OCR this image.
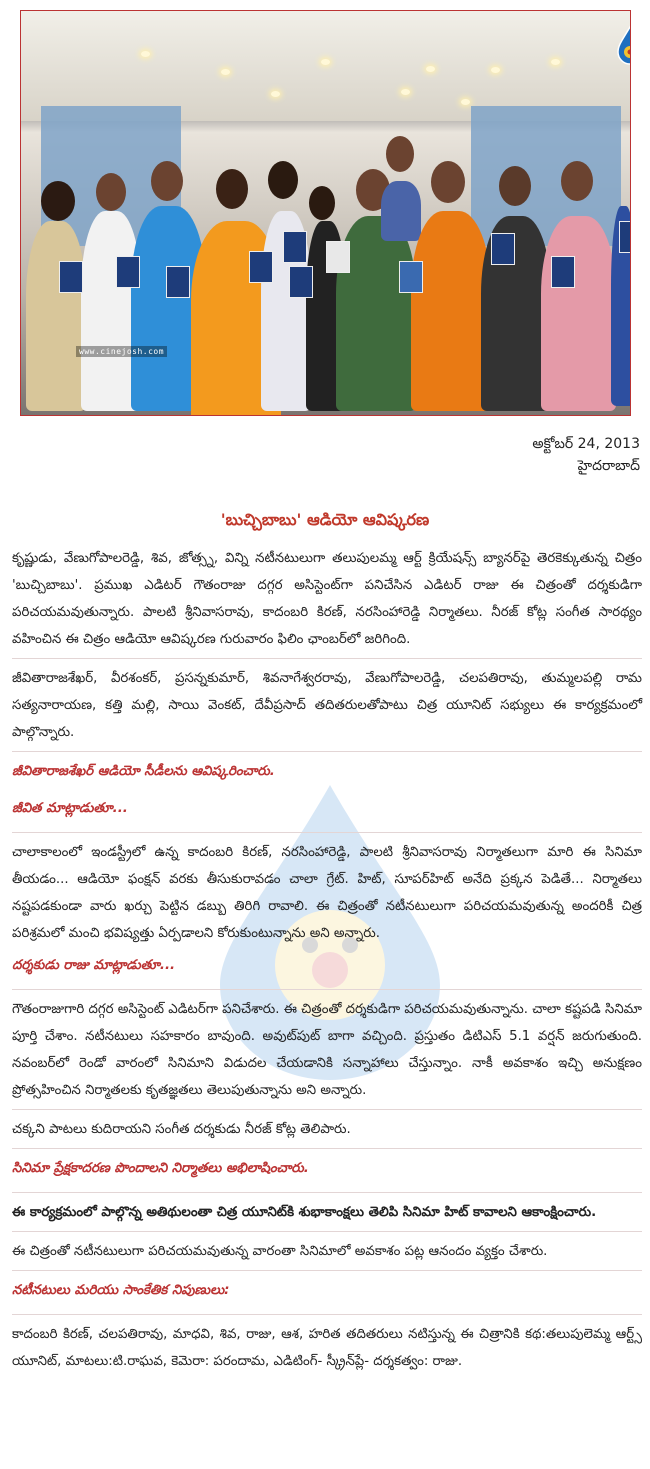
www.cinejosh.com
అక్టోబర్ 24, 2013
హైదరాబాద్
'బుచ్చిబాబు' ఆడియో ఆవిష్కరణ

కృష్ణుడు, వేణుగోపాలరెడ్డి, శివ, జోత్స్న, విన్ని నటీనటులుగా తలుపులమ్మ ఆర్ట్ క్రియేషన్స్ బ్యానర్‌పై తెరకెక్కుతున్న చిత్రం 'బుచ్చిబాబు'. ప్రముఖ ఎడిటర్ గౌతంరాజు దగ్గర అసిస్టెంట్‌గా పనిచేసిన ఎడిటర్ రాజు ఈ చిత్రంతో దర్శకుడిగా పరిచయమవుతున్నారు. పాలటి శ్రీనివాసరావు, కాదంబరి కిరణ్, నరసింహారెడ్డి నిర్మాతలు. నీరజ్ కోట్ల సంగీత సారథ్యం వహించిన ఈ చిత్రం ఆడియో ఆవిష్కరణ గురువారం ఫిలిం ఛాంబర్‌లో జరిగింది.

జీవితారాజశేఖర్, వీరశంకర్, ప్రసన్నకుమార్, శివనాగేశ్వరరావు, వేణుగోపాలరెడ్డి, చలపతిరావు, తుమ్మలపల్లి రామ సత్యనారాయణ, కత్తి మల్లి, సాయి వెంకట్, దేవీప్రసాద్ తదితరులతోపాటు చిత్ర యూనిట్ సభ్యులు ఈ కార్యక్రమంలో పాల్గొన్నారు.

జీవితారాజశేఖర్ ఆడియో సీడీలను ఆవిష్కరించారు.

జీవిత మాట్లాడుతూ...

చాలాకాలంలో ఇండస్ట్రీలో ఉన్న కాదంబరి కిరణ్, నరసింహారెడ్డి, పాలటి శ్రీనివాసరావు నిర్మాతలుగా మారి ఈ సినిమా తీయడం... ఆడియో ఫంక్షన్ వరకు తీసుకురావడం చాలా గ్రేట్. హిట్, సూపర్‌హిట్ అనేది ప్రక్కన పెడితే... నిర్మాతలు నష్టపడకుండా వారు ఖర్చు పెట్టిన డబ్బు తిరిగి రావాలి. ఈ చిత్రంతో నటీనటులుగా పరిచయమవుతున్న అందరికీ చిత్ర పరిశ్రమలో మంచి భవిష్యత్తు ఏర్పడాలని కోరుకుంటున్నాను అని అన్నారు.

దర్శకుడు రాజు మాట్లాడుతూ...

గౌతంరాజుగారి దగ్గర అసిస్టెంట్ ఎడిటర్‌గా పనిచేశారు. ఈ చిత్రంతో దర్శకుడిగా పరిచయమవుతున్నాను. చాలా కష్టపడి సినిమా పూర్తి చేశాం. నటీనటులు సహకారం బావుంది. అవుట్‌పుట్ బాగా వచ్చింది. ప్రస్తుతం డిటిఎస్ 5.1 వర్షన్ జరుగుతుంది. నవంబర్‌లో రెండో వారంలో సినిమాని విడుదల చేయడానికి సన్నాహాలు చేస్తున్నాం. నాకీ అవకాశం ఇచ్చి అనుక్షణం ప్రోత్సహించిన నిర్మాతలకు కృతజ్ఞతలు తెలుపుతున్నాను అని అన్నారు.

చక్కని పాటలు కుదిరాయని సంగీత దర్శకుడు నీరజ్ కోట్ల తెలిపారు.

సినిమా ప్రేక్షకాదరణ పొందాలని నిర్మాతలు అభిలాషించారు.

ఈ కార్యక్రమంలో పాల్గొన్న అతిథులంతా చిత్ర యూనిట్‌కి శుభాకాంక్షలు తెలిపి సినిమా హిట్ కావాలని ఆకాంక్షించారు.

ఈ చిత్రంతో నటీనటులుగా పరిచయమవుతున్న వారంతా సినిమాలో అవకాశం పట్ల ఆనందం వ్యక్తం చేశారు.

నటీనటులు మరియు సాంకేతిక నిపుణులు:

కాదంబరి కిరణ్, చలపతిరావు, మాధవి, శివ, రాజు, ఆశ, హరిత తదితరులు నటిస్తున్న ఈ చిత్రానికి కథ:తలుపులెమ్మ ఆర్ట్స్ యూనిట్, మాటలు:టి.రాఘవ, కెమెరా: పరందామ, ఎడిటింగ్- స్క్రీన్‌ప్లే- దర్శకత్వం: రాజు.
